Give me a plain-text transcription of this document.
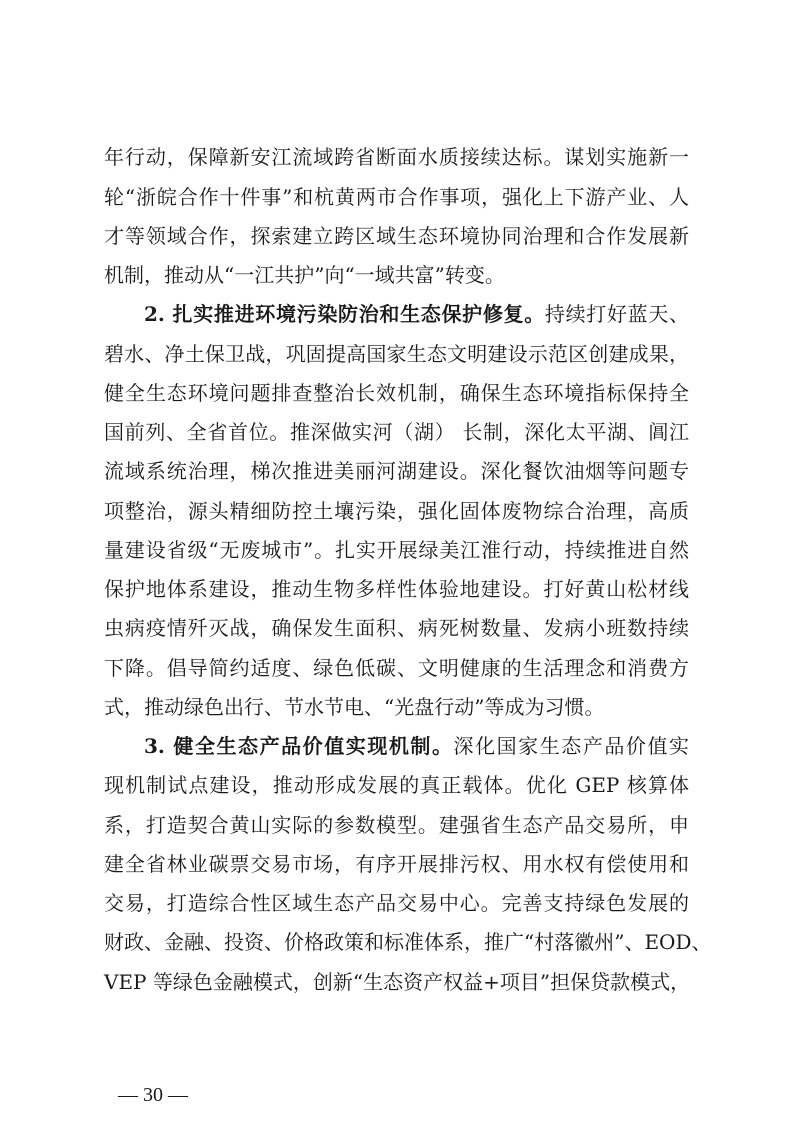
年行动，保障新安江流域跨省断面水质接续达标。谋划实施新一
轮“浙皖合作十件事”和杭黄两市合作事项，强化上下游产业、人
才等领域合作，探索建立跨区域生态环境协同治理和合作发展新
机制，推动从“一江共护”向“一域共富”转变。
2. 扎实推进环境污染防治和生态保护修复。持续打好蓝天、
碧水、净土保卫战，巩固提高国家生态文明建设示范区创建成果，
健全生态环境问题排查整治长效机制，确保生态环境指标保持全
国前列、全省首位。推深做实河（湖） 长制，深化太平湖、阊江
流域系统治理，梯次推进美丽河湖建设。深化餐饮油烟等问题专
项整治，源头精细防控土壤污染，强化固体废物综合治理，高质
量建设省级“无废城市”。扎实开展绿美江淮行动，持续推进自然
保护地体系建设，推动生物多样性体验地建设。打好黄山松材线
虫病疫情歼灭战，确保发生面积、病死树数量、发病小班数持续
下降。倡导简约适度、绿色低碳、文明健康的生活理念和消费方
式，推动绿色出行、节水节电、“光盘行动”等成为习惯。
3. 健全生态产品价值实现机制。深化国家生态产品价值实
现机制试点建设，推动形成发展的真正载体。优化 GEP 核算体
系，打造契合黄山实际的参数模型。建强省生态产品交易所，申
建全省林业碳票交易市场，有序开展排污权、用水权有偿使用和
交易，打造综合性区域生态产品交易中心。完善支持绿色发展的
财政、金融、投资、价格政策和标准体系，推广“村落徽州”、EOD、
VEP 等绿色金融模式，创新“生态资产权益+项目”担保贷款模式，
— 30 —
